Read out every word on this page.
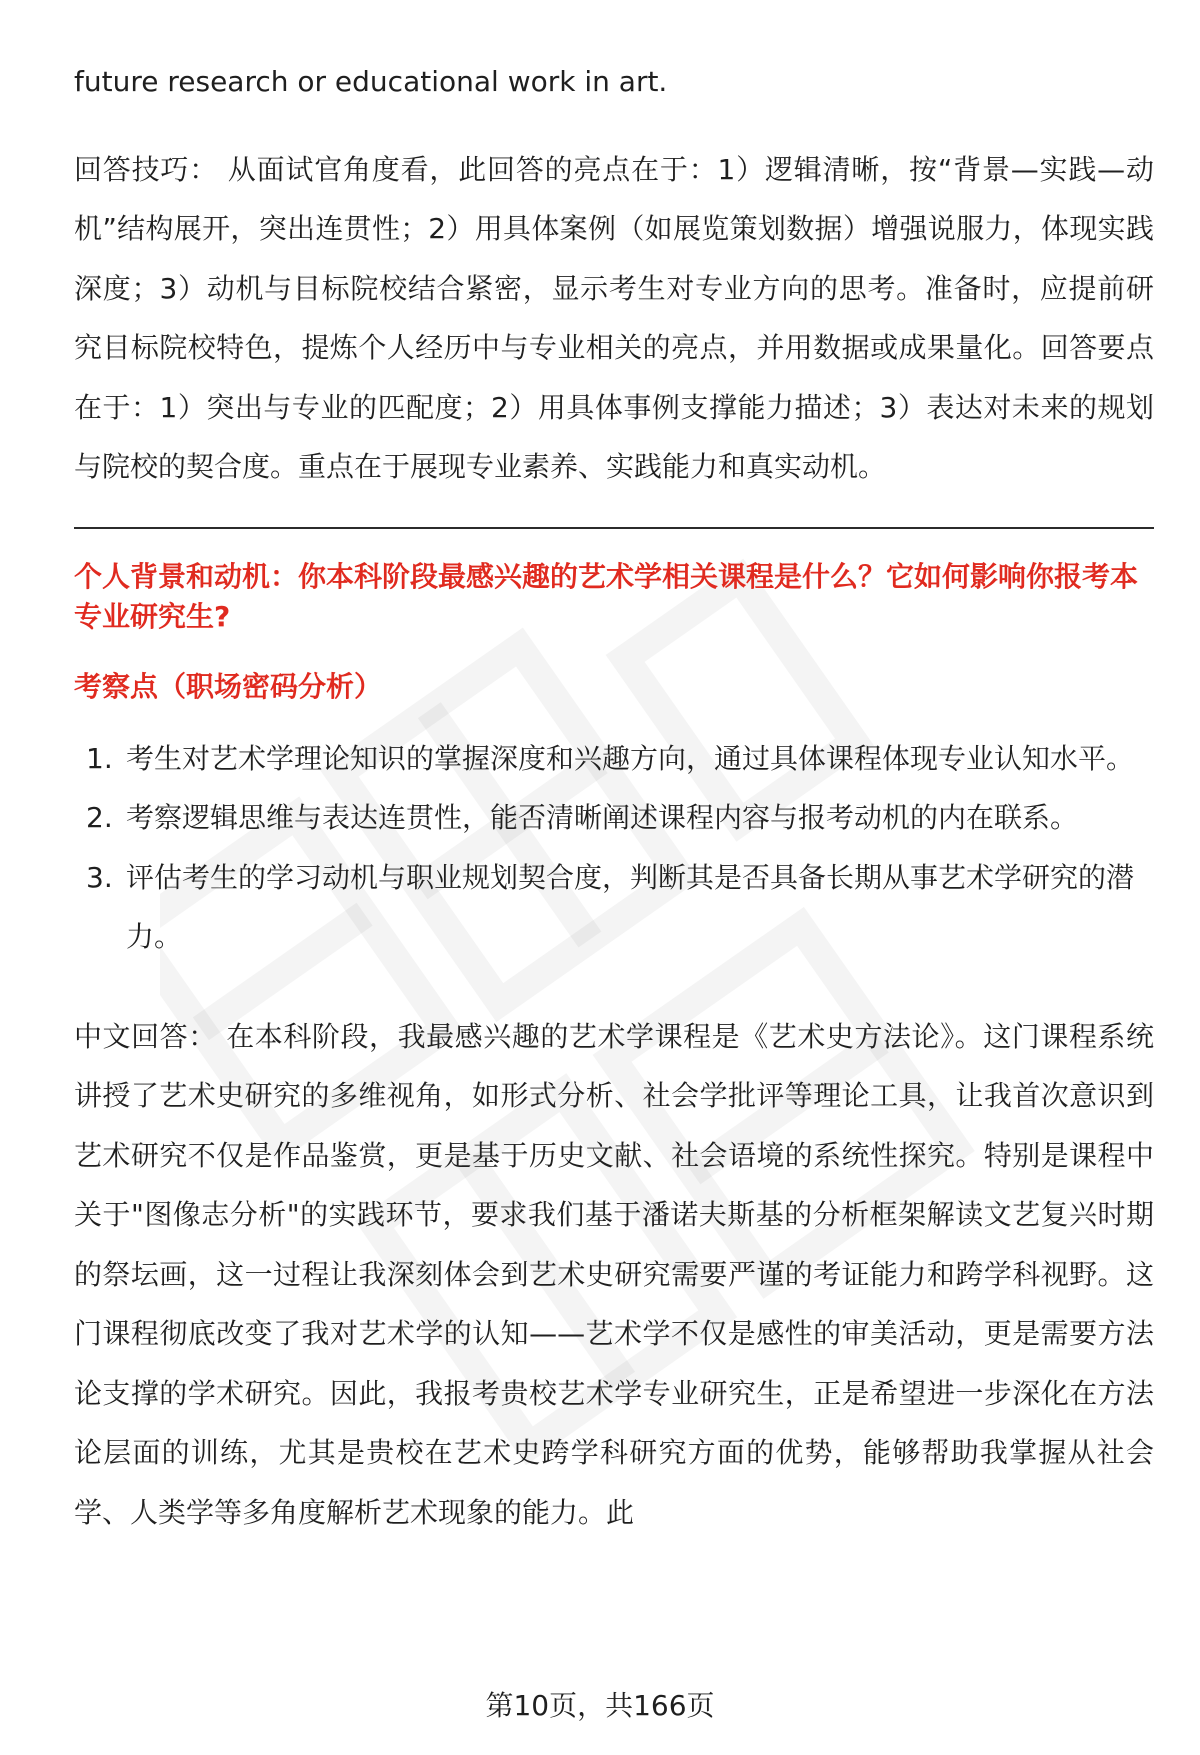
future research or educational work in art.

回答技巧： 从面试官角度看，此回答的亮点在于：1）逻辑清晰，按“背景—实践—动机”结构展开，突出连贯性；2）用具体案例（如展览策划数据）增强说服力，体现实践深度；3）动机与目标院校结合紧密，显示考生对专业方向的思考。准备时，应提前研究目标院校特色，提炼个人经历中与专业相关的亮点，并用数据或成果量化。回答要点在于：1）突出与专业的匹配度；2）用具体事例支撑能力描述；3）表达对未来的规划与院校的契合度。重点在于展现专业素养、实践能力和真实动机。

个人背景和动机：你本科阶段最感兴趣的艺术学相关课程是什么？它如何影响你报考本专业研究生?

考察点（职场密码分析）

1. 考生对艺术学理论知识的掌握深度和兴趣方向，通过具体课程体现专业认知水平。
2. 考察逻辑思维与表达连贯性，能否清晰阐述课程内容与报考动机的内在联系。
3. 评估考生的学习动机与职业规划契合度，判断其是否具备长期从事艺术学研究的潜力。

中文回答： 在本科阶段，我最感兴趣的艺术学课程是《艺术史方法论》。这门课程系统讲授了艺术史研究的多维视角，如形式分析、社会学批评等理论工具，让我首次意识到艺术研究不仅是作品鉴赏，更是基于历史文献、社会语境的系统性探究。特别是课程中关于"图像志分析"的实践环节，要求我们基于潘诺夫斯基的分析框架解读文艺复兴时期的祭坛画，这一过程让我深刻体会到艺术史研究需要严谨的考证能力和跨学科视野。这门课程彻底改变了我对艺术学的认知——艺术学不仅是感性的审美活动，更是需要方法论支撑的学术研究。因此，我报考贵校艺术学专业研究生，正是希望进一步深化在方法论层面的训练，尤其是贵校在艺术史跨学科研究方面的优势，能够帮助我掌握从社会学、人类学等多角度解析艺术现象的能力。此

第10页，共166页
